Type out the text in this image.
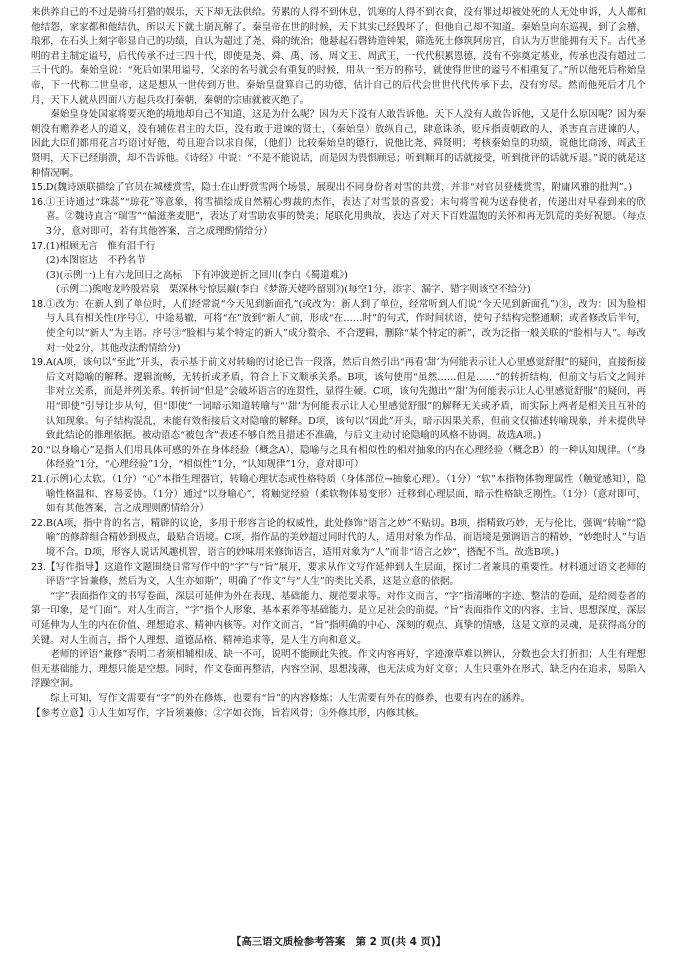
来供养自己的不过是骑马打猎的娱乐，天下却无法供给。劳累的人得不到休息，饥寒的人得不到衣食，没有罪过却被处死的人无处申诉，人人都和他结怨，家家都和他结仇，所以天下就土崩瓦解了。秦皇帝在世的时候，天下其实已经毁坏了，但他自己却不知道。秦始皇向东巡视，到了会稽、琅邪，在石头上刻字彰显自己的功绩，自认为超过了尧、舜的统治；他悬起石磬铸造钟架，筛选死土修筑阿房宫，自认为万世能拥有天下。古代圣明的君主制定谥号，后代传承不过三四十代，即使是尧、舜、禹、汤、周文王、周武王，一代代积累恩德，没有不弥奠定基业，传承也没有超过二三十代的。秦始皇说：“死后如果用谥号，父亲的名号就会有重复的时候，用从一至万的称号，就使得世世的谥号不相重复了。”所以他死后称始皇帝，下一代称二世皇帝，这是想从一世传到万世。秦始皇盘算自己的功德，估计自己的后代会世世代代传承下去，没有穷尽。然而他死后才几个月，天下人就从四面八方起兵攻打秦朝，秦朝的宗庙就被灭绝了。

秦始皇身处国家将要灭绝的境地却自己不知道，这是为什么呢？因为天下没有人敢告诉他。天下人没有人敢告诉他，又是什么原因呢？因为秦朝没有赡养老人的道义，没有辅佐君主的大臣，没有敢于进谏的贤士，（秦始皇）放纵自己，肆意诛杀，贬斥指责朝政的人，杀害直言进谏的人，因此大臣们都用花言巧语讨好他，苟且迎合以求自保，（他们）比较秦始皇的德行，说他比尧、舜贤明；考核秦始皇的功绩，说他比商汤、周武王贤明，天下已经崩溃，却不告诉他。《诗经》中说：“不是不能说话，而是因为畏惧顾忌；听到顺耳的话就接受，听到批评的话就斥退。”说的就是这种情况啊。

15. D(魏诗颂联描绘了官员在城楼赏雪，隐士在山野赏雪两个场景，展现出不同身份者对雪的共赏，并非“对官员登楼赏雪，附庸风雅的批判”。)
16. ①王诗通过“珠蕊”“琼花”等意象，将雪描绘成自然精心剪裁的杰作，表达了对雪景的喜爱；末句将雪视为送春使者，传递出对早春到来的欣喜。②魏诗直言“瑞雪”“偏滋垄麦肥”，表达了对雪助农事的赞美；尾联化用典故，表达了对天下百姓温饱的关怀和再无饥荒的美好祝愿。（每点3分，意对即可，若有其他答案，言之成理酌情给分）
17. (1)相顾无言　惟有泪千行

(2)本图宦达　不矜名节

(3)(示例一)上有六龙回日之高标　下有冲波逆折之回川(李白《蜀道难》)

(示例二)熊咆龙吟殷岩泉　栗深林兮惊层巅(李白《梦游天姥吟留别》)(每空1分，添字、漏字、错字则该空不给分)

18. ①改为：在新人到了单位时，人们经常说“今天见到新面孔”(或改为：新人到了单位，经常听到人们说“今天见到新面孔”)③，改为：因为脸相与人具有相关性(序号①，中途易辙，可将“在”放到“新人”前，形成“在……时”的句式，作时间状语，使句子结构完整通顺；或者修改后半句，使全句以“新人”为主语。序号③“脸相与某个特定的新人”成分赘余、不合逻辑，删除“某个特定的新”，改为泛指一般关联的“脸相与人”。每改对一处2分，其他改法酌情给分)
19. A(A项，该句以“至此”开头，表示基于前文对转喻的讨论已告一段落，然后自然引出“再看‘甜’为何能表示让人心里感觉舒服”的疑问，直接衔接后文对隐喻的解释。逻辑流畅，无转折或矛盾，符合上下文顺承关系。B项，该句使用“虽然……但是……”的转折结构，但前文与后文之间并非对立关系，而是并列关系。转折词“但是”会破坏语言的连贯性，显得生硬。C项，该句先抛出“‘甜’为何能表示让人心里感觉舒服”的疑问，再用“即使”引导让步从句，但“即使”一词暗示知道转喻与“‘甜’为何能表示让人心里感觉舒服”的解释无关或矛盾，而实际上两者是相关且互补的认知现象。句子结构混乱，未能有效衔接后文对隐喻的解释。D项，该句以“因此”开头，暗示因果关系，但前文仅描述转喻现象，并未提供导致此结论的推理依据。被动语态“被包含”表述不够自然且措述不准确，与后文主动讨论隐喻的风格不协调。故选A项。)
20. “以身喻心”是指人们用具体可感的外在身体经验（概念A），隐喻与之具有相似性的相对抽象的内在心理经验（概念B）的一种认知规律。（“身体经验”1分，“心理经验”1分，“相似性”1分，“认知规律”1分，意对即可）
21. (示例)心太软。（1分）“心”本指生理器官，转喻心理状态或性格特质（身体部位→抽象心理）。（1分）“软”本指物体物理属性（触觉感知），隐喻性格温和、容易妥协。（1分）通过“以身喻心”，将触觉经验（柔软物体易变形）迁移到心理层面，暗示性格缺乏刚性。（1分）（意对即可，如有其他答案，言之成理则酌情给分）
22. B(A项，指中肯的名言，精辟的议论，多用于形容言论的权威性，此处修饰“语言之妙”不贴切。B项，指精致巧妙，无与伦比，强调“转喻”“隐喻”的修辞组合精妙到极点，最贴合语境。C项，指作品的美妙超过同时代的人，适用对象为作品，而语境是强调语言的精妙，“妙绝时人”与语境不合。D项，形容人说话风趣机智，语言的妙味用来修饰语言，适用对象为“人”而非“语言之妙”，搭配不当。故选B项。)
23. 【写作指导】这道作文题围绕日常写作中的“字”与“旨”展开，要求从作文写作延伸到人生层面，探讨二者兼具的重要性。材料通过语文老师的评语“字旨兼修，然后为文，人生亦如斯”，明确了“作文”与“人生”的类比关系，这是立意的依据。

“字”表面指作文的书写卷面，深层可延伸为外在表现、基础能力、规范要求等。对作文而言，“字”指清晰的字迹、整洁的卷面，是给阅卷者的第一印象，是“门面”。对人生而言，“字”指个人形象、基本素养等基础能力，是立足社会的前提。“旨”表面指作文的内容、主旨、思想深度，深层可延伸为人生的内在价值、理想追求、精神内核等。对作文而言，“旨”指明确的中心、深刻的观点、真挚的情感，这是文章的灵魂，是获得高分的关键。对人生而言，指个人理想、道德品格、精神追求等，是人生方向和意义。

老师的评语“兼修”表明二者须相辅相成、缺一不可，说明不能顾此失彼。作文内容再好，字迹潦草难以辨认，分数也会大打折扣；人生有理想但无基础能力，理想只能是空想。同时，作文卷面再整洁，内容空洞、思想浅薄，也无法成为好文章；人生只重外在形式、缺乏内在追求，易陷入浮躁空洞。

综上可知，写作文需要有“字”的外在修炼，也要有“旨”的内容修炼；人生需要有外在的修养，也要有内在的涵养。

【参考立意】①人生如写作，字旨须兼修；②字如衣饰，旨若风骨；③外修其形，内修其核。

【高三语文质检参考答案　第 2 页(共 4 页)】
